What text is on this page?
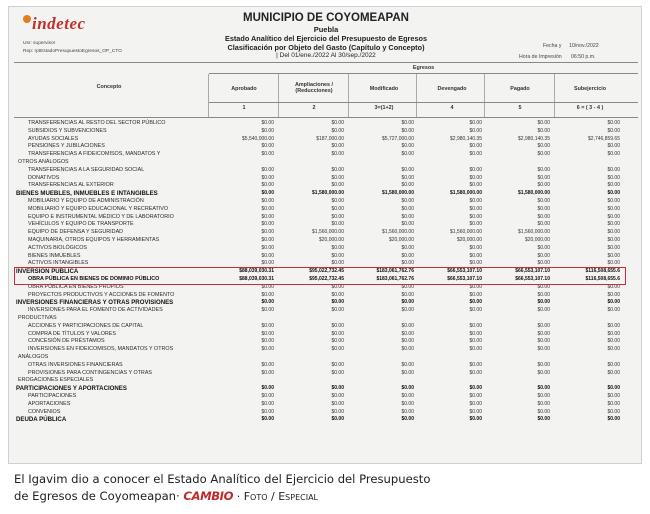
indetec
Usr: supervisor
Rep: rptEstadoPresupuestoEgresos_OP_CTO
MUNICIPIO DE COYOMEAPAN
Puebla
Estado Analítico del Ejercicio del Presupuesto de Egresos
Clasificación por Objeto del Gasto (Capítulo y Concepto)
| Del 01/ene./2022 Al 30/sep./2022
Fecha y 10/nov./2022
Hora de Impresión 06:50 p.m.
Concepto
Egresos
Aprobado
1
Ampliaciones / (Reducciones)
2
Modificado
3=(1+2)
Devengado
4
Pagado
5
Subejercicio
6 = ( 3 - 4 )
TRANSFERENCIAS AL RESTO DEL SECTOR PÚBLICO	$0.00	$0.00	$0.00	$0.00	$0.00	$0.00
SUBSIDIOS Y SUBVENCIONES	$0.00	$0.00	$0.00	$0.00	$0.00	$0.00
AYUDAS SOCIALES	$5,540,000.00	$187,000.00	$5,727,000.00	$2,980,140.35	$2,980,140.35	$2,746,859.65
PENSIONES Y JUBILACIONES	$0.00	$0.00	$0.00	$0.00	$0.00	$0.00
TRANSFERENCIAS A FIDEICOMISOS, MANDATOS Y
OTROS ANÁLOGOS
$0.00	$0.00	$0.00	$0.00	$0.00	$0.00
TRANSFERENCIAS A LA SEGURIDAD SOCIAL	$0.00	$0.00	$0.00	$0.00	$0.00	$0.00
DONATIVOS	$0.00	$0.00	$0.00	$0.00	$0.00	$0.00
TRANSFERENCIAS AL EXTERIOR	$0.00	$0.00	$0.00	$0.00	$0.00	$0.00
BIENES MUEBLES, INMUEBLES E INTANGIBLES	$0.00	$1,580,000.00	$1,580,000.00	$1,580,000.00	$1,580,000.00	$0.00
MOBILIARIO Y EQUIPO DE ADMINISTRACIÓN	$0.00	$0.00	$0.00	$0.00	$0.00	$0.00
MOBILIARIO Y EQUIPO EDUCACIONAL Y RECREATIVO	$0.00	$0.00	$0.00	$0.00	$0.00	$0.00
EQUIPO E INSTRUMENTAL MÉDICO Y DE LABORATORIO	$0.00	$0.00	$0.00	$0.00	$0.00	$0.00
VEHÍCULOS Y EQUIPO DE TRANSPORTE	$0.00	$0.00	$0.00	$0.00	$0.00	$0.00
EQUIPO DE DEFENSA Y SEGURIDAD	$0.00	$1,560,000.00	$1,560,000.00	$1,560,000.00	$1,560,000.00	$0.00
MAQUINARIA, OTROS EQUIPOS Y HERRAMIENTAS	$0.00	$20,000.00	$20,000.00	$20,000.00	$20,000.00	$0.00
ACTIVOS BIOLÓGICOS	$0.00	$0.00	$0.00	$0.00	$0.00	$0.00
BIENES INMUEBLES	$0.00	$0.00	$0.00	$0.00	$0.00	$0.00
ACTIVOS INTANGIBLES	$0.00	$0.00	$0.00	$0.00	$0.00	$0.00
INVERSIÓN PÚBLICA	$88,039,030.31	$95,022,732.45	$183,061,762.76	$66,553,107.10	$66,553,107.10	$116,508,655.6
OBRA PÚBLICA EN BIENES DE DOMINIO PÚBLICO	$88,039,030.31	$95,022,732.45	$183,061,762.76	$66,553,107.10	$66,553,107.10	$116,508,655.6
OBRA PÚBLICA EN BIENES PROPIOS	$0.00	$0.00	$0.00	$0.00	$0.00	$0.00
PROYECTOS PRODUCTIVOS Y ACCIONES DE FOMENTO	$0.00	$0.00	$0.00	$0.00	$0.00	$0.00
INVERSIONES FINANCIERAS Y OTRAS PROVISIONES	$0.00	$0.00	$0.00	$0.00	$0.00	$0.00
INVERSIONES PARA EL FOMENTO DE ACTIVIDADES
PRODUCTIVAS
$0.00	$0.00	$0.00	$0.00	$0.00	$0.00
ACCIONES Y PARTICIPACIONES DE CAPITAL	$0.00	$0.00	$0.00	$0.00	$0.00	$0.00
COMPRA DE TÍTULOS Y VALORES	$0.00	$0.00	$0.00	$0.00	$0.00	$0.00
CONCESIÓN DE PRÉSTAMOS	$0.00	$0.00	$0.00	$0.00	$0.00	$0.00
INVERSIONES EN FIDEICOMISOS, MANDATOS Y OTROS
ANÁLOGOS
$0.00	$0.00	$0.00	$0.00	$0.00	$0.00
OTRAS INVERSIONES FINANCIERAS	$0.00	$0.00	$0.00	$0.00	$0.00	$0.00
PROVISIONES PARA CONTINGENCIAS Y OTRAS
EROGACIONES ESPECIALES
$0.00	$0.00	$0.00	$0.00	$0.00	$0.00
PARTICIPACIONES Y APORTACIONES	$0.00	$0.00	$0.00	$0.00	$0.00	$0.00
PARTICIPACIONES	$0.00	$0.00	$0.00	$0.00	$0.00	$0.00
APORTACIONES	$0.00	$0.00	$0.00	$0.00	$0.00	$0.00
CONVENIOS	$0.00	$0.00	$0.00	$0.00	$0.00	$0.00
DEUDA PÚBLICA	$0.00	$0.00	$0.00	$0.00	$0.00	$0.00
El Igavim dio a conocer el Estado Analítico del Ejercicio del Presupuesto
de Egresos de Coyomeapan· CAMBIO · Foto / Especial
